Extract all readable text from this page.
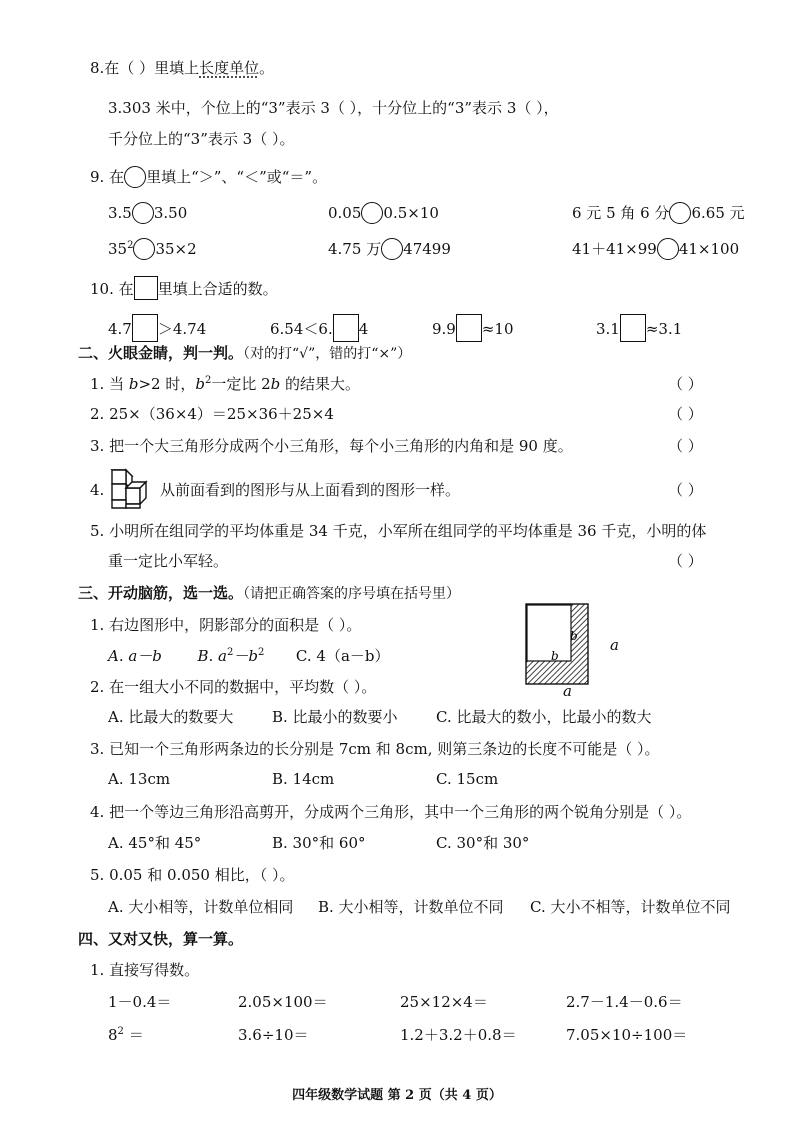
8.在（ ）里填上长度单位。
3.303 米中，个位上的“3”表示 3（ ），十分位上的“3”表示 3（ ），
千分位上的“3”表示 3（ ）。
9. 在 里填上“＞”、“＜”或“＝”。
3.5 3.50	0.05 0.5×10	6 元 5 角 6 分 6.65 元
$35^2$ 35×2	4.75 万 47499	41＋41×99 41×100
10. 在 里填上合适的数。
4.7 ＞4.74	6.54＜6. 4	9.9 ≈10	3.1 ≈3.1
二、火眼金睛，判一判。（对的打“√”，错的打“×”）
1. 当 b>2 时，$b^2$一定比 2b 的结果大。	（ ）
2. 25×（36×4）＝25×36＋25×4	（ ）
3. 把一个大三角形分成两个小三角形，每个小三角形的内角和是 90 度。	（ ）
4.	从前面看到的图形与从上面看到的图形一样。	（ ）
5. 小明所在组同学的平均体重是 34 千克，小军所在组同学的平均体重是 36 千克，小明的体
重一定比小军轻。	（ ）
三、开动脑筋，选一选。（请把正确答案的序号填在括号里）
1. 右边图形中，阴影部分的面积是（ ）。
A. a－b B. $a^2-b^2$ C. 4（a－b）
b
b
a
a
2. 在一组大小不同的数据中，平均数（ ）。
A. 比最大的数要大	B. 比最小的数要小	C. 比最大的数小，比最小的数大
3. 已知一个三角形两条边的长分别是 7cm 和 8cm, 则第三条边的长度不可能是（ ）。
A. 13cm	B. 14cm	C. 15cm
4. 把一个等边三角形沿高剪开，分成两个三角形，其中一个三角形的两个锐角分别是（ ）。
A. 45°和 45°	B. 30°和 60°	C. 30°和 30°
5. 0.05 和 0.050 相比，（ ）。
A. 大小相等，计数单位相同 B. 大小相等，计数单位不同 C. 大小不相等，计数单位不同
四、又对又快，算一算。
1. 直接写得数。
1－0.4＝	2.05×100＝	25×12×4＝	2.7－1.4－0.6＝
$8^2$ ＝	3.6÷10＝	1.2＋3.2＋0.8＝	7.05×10÷100＝
四年级数学试题 第 2 页（共 4 页）
